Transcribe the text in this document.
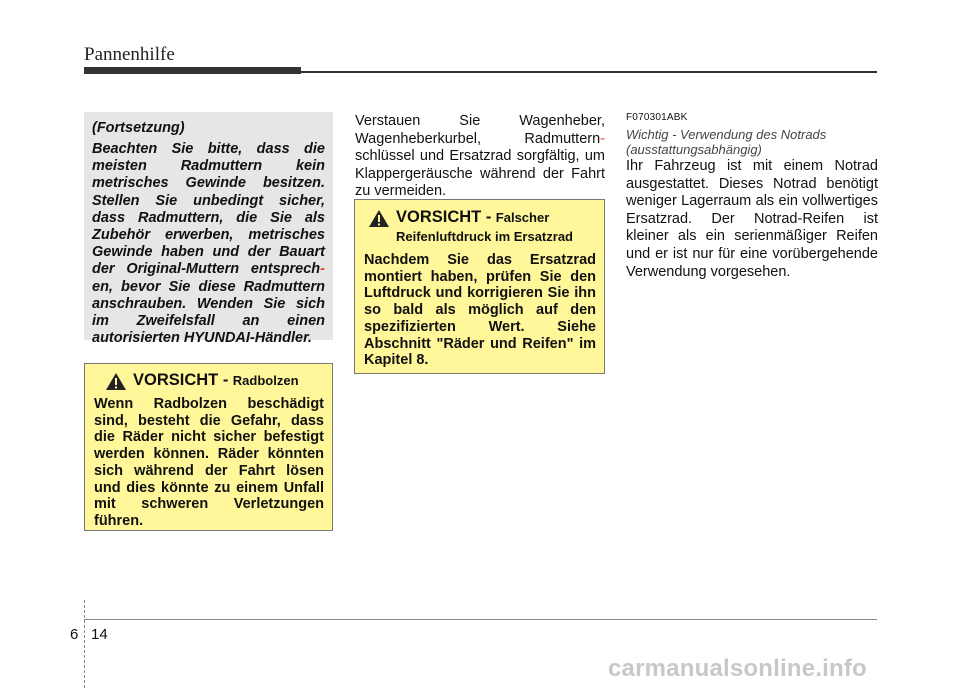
Pannenhilfe
(Fortsetzung)
Beachten Sie bitte, dass die meisten Radmuttern kein metrisches Gewinde besitzen. Stellen Sie unbedingt sicher, dass Radmuttern, die Sie als Zubehör erwerben, metrisches Gewinde haben und der Bauart der Original-Muttern entsprech-en, bevor Sie diese Radmuttern anschrauben. Wenden Sie sich im Zweifelsfall an einen autorisierten HYUNDAI-Händler.
VORSICHT - Radbolzen
Wenn Radbolzen beschädigt sind, besteht die Gefahr, dass die Räder nicht sicher befestigt werden können. Räder könnten sich während der Fahrt lösen und dies könnte zu einem Unfall mit schweren Verletzungen führen.
Verstauen Sie Wagenheber, Wagenheberkurbel, Radmuttern-schlüssel und Ersatzrad sorgfältig, um Klappergeräusche während der Fahrt zu vermeiden.
VORSICHT - Falscher
Reifenluftdruck im Ersatzrad
Nachdem Sie das Ersatzrad montiert haben, prüfen Sie den Luftdruck und korrigieren Sie ihn so bald als möglich auf den spezifizierten Wert. Siehe Abschnitt "Räder und Reifen" im Kapitel 8.
F070301ABK
Wichtig - Verwendung des Notrads
(ausstattungsabhängig)
Ihr Fahrzeug ist mit einem Notrad ausgestattet. Dieses Notrad benötigt weniger Lagerraum als ein vollwertiges Ersatzrad. Der Notrad-Reifen ist kleiner als ein serienmäßiger Reifen und er ist nur für eine vorübergehende Verwendung vorgesehen.
6 14
carmanualsonline.info
